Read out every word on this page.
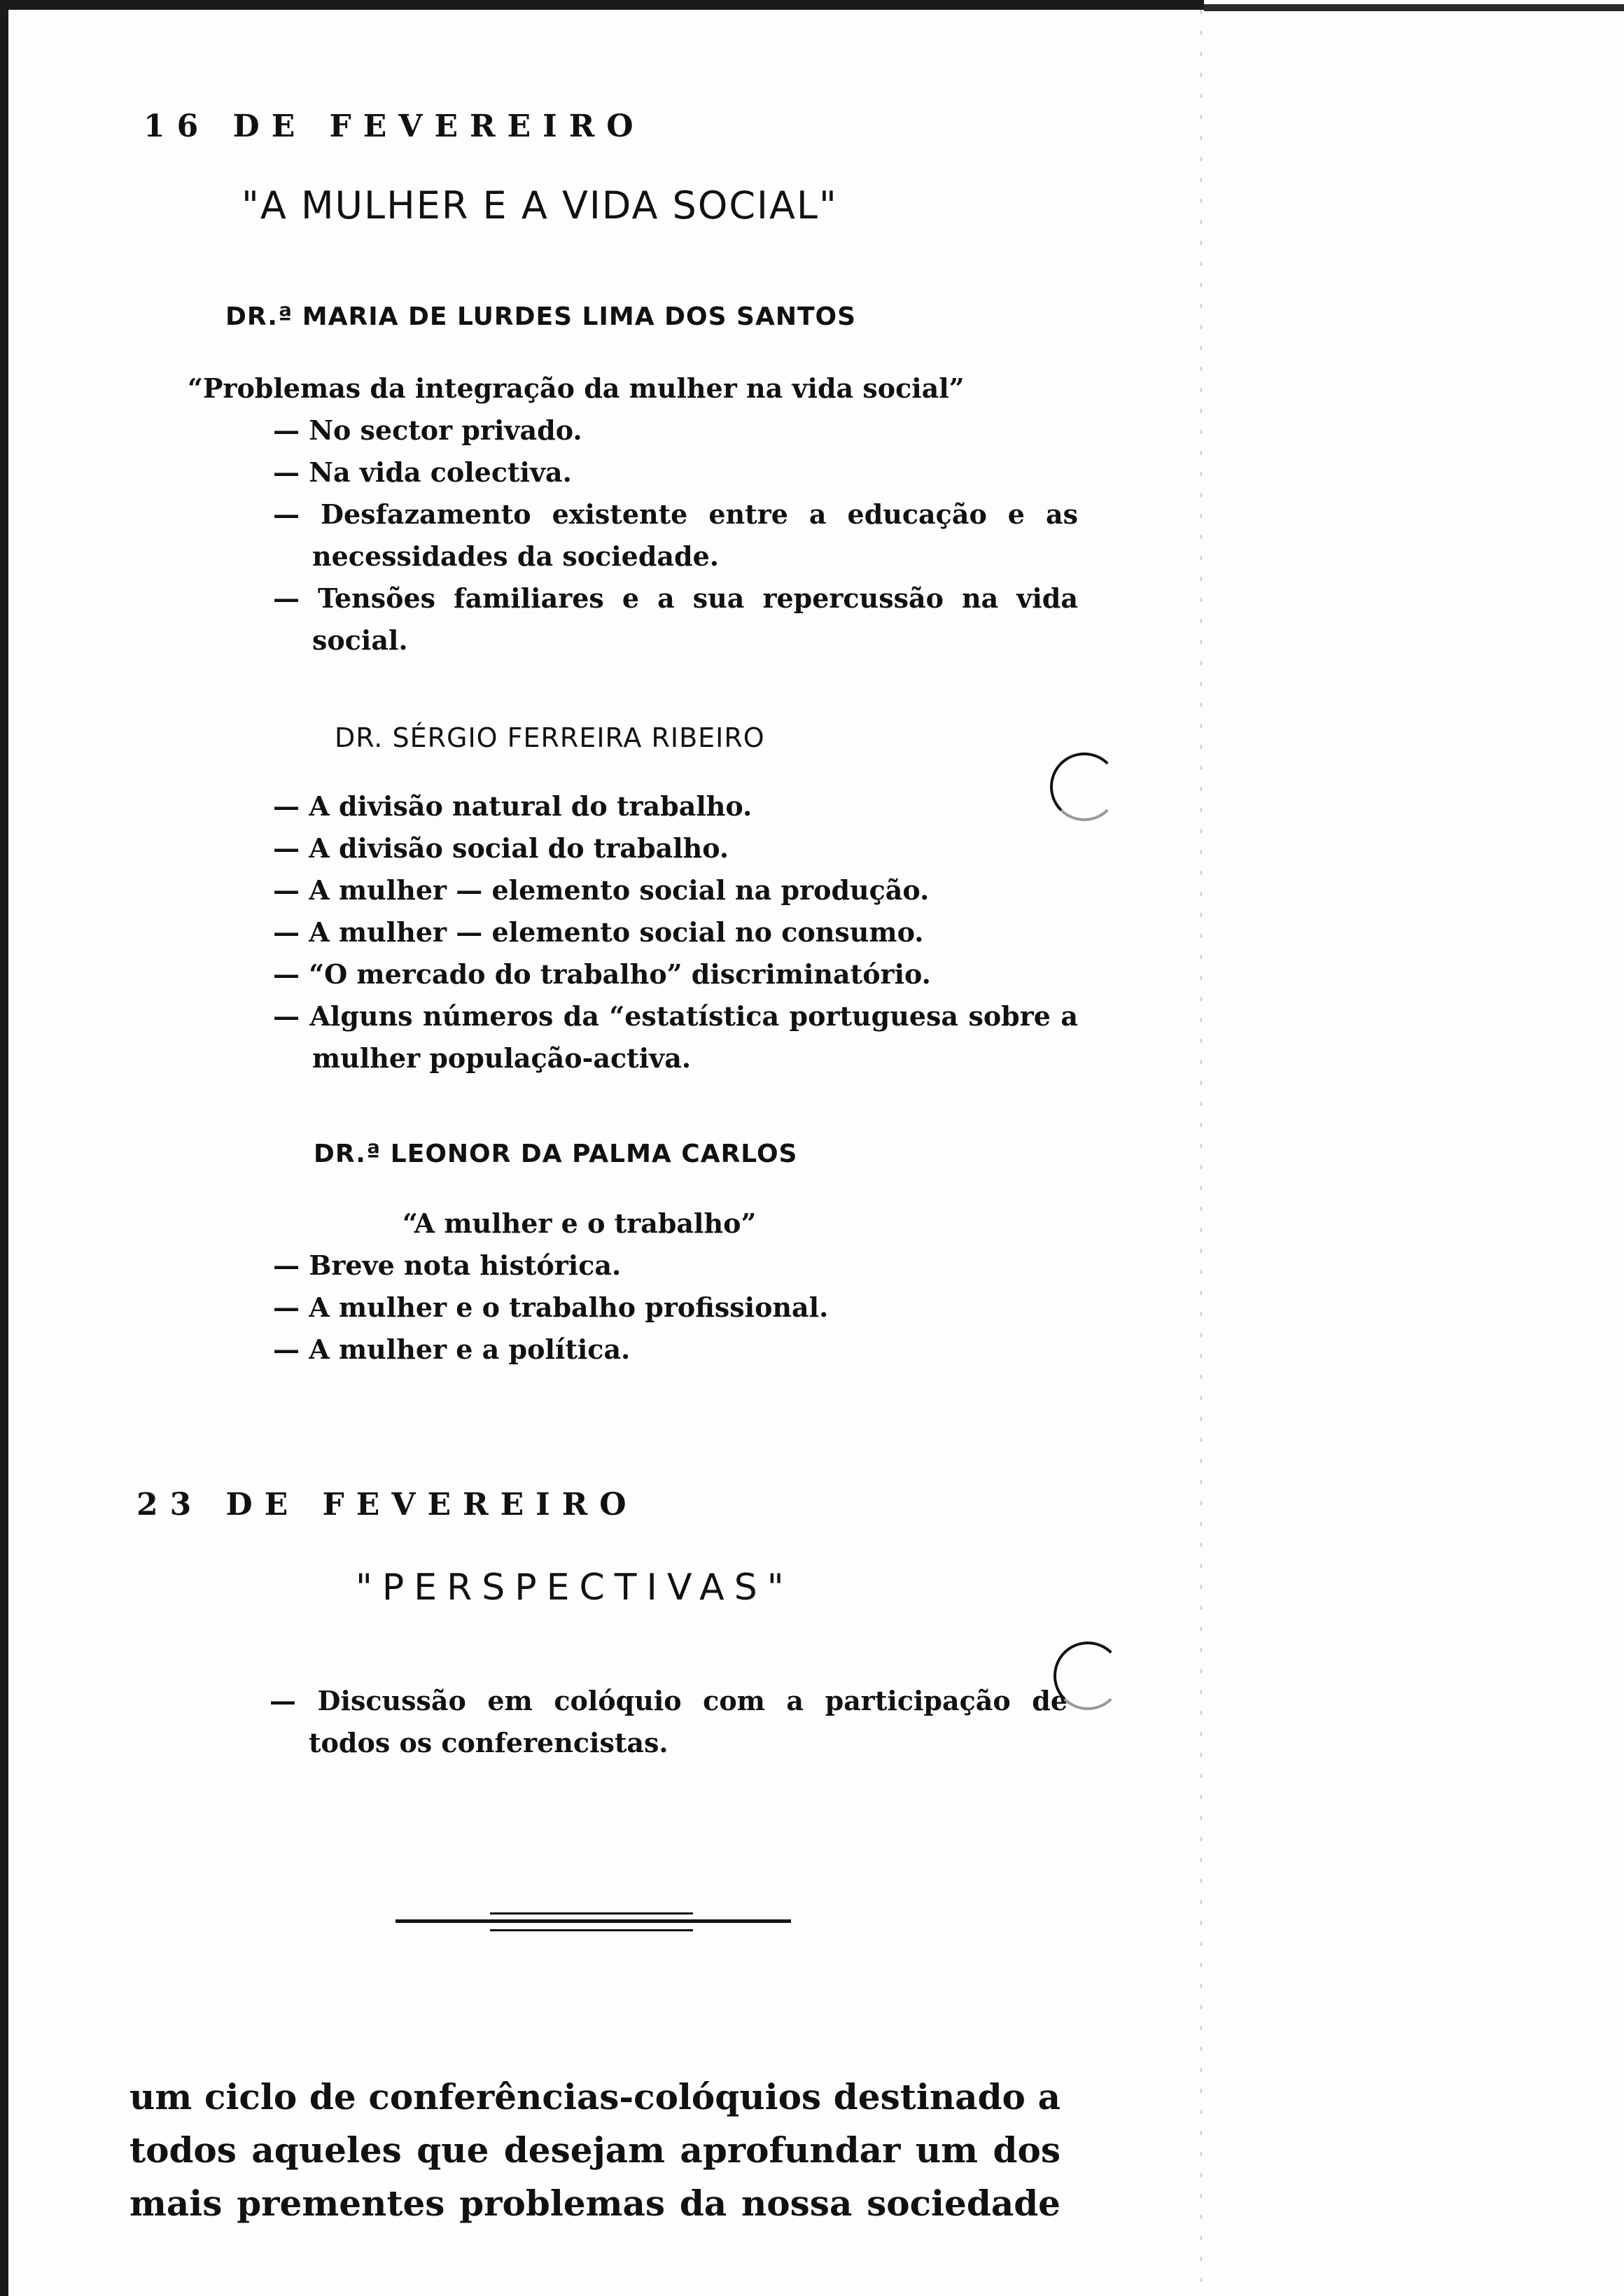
16 DE FEVEREIRO

"A MULHER E A VIDA SOCIAL"

DR.ª MARIA DE LURDES LIMA DOS SANTOS

“Problemas da integração da mulher na vida social”

— No sector privado.

— Na vida colectiva.

— Desfazamento existente entre a educação e as necessidades da sociedade.

— Tensões familiares e a sua repercussão na vida social.

DR. SÉRGIO FERREIRA RIBEIRO

— A divisão natural do trabalho.

— A divisão social do trabalho.

— A mulher — elemento social na produção.

— A mulher — elemento social no consumo.

— “O mercado do trabalho” discriminatório.

— Alguns números da “estatística portuguesa sobre a mulher população-activa.

DR.ª LEONOR DA PALMA CARLOS

“A mulher e o trabalho”

— Breve nota histórica.

— A mulher e o trabalho profissional.

— A mulher e a política.

23 DE FEVEREIRO

"PERSPECTIVAS"

— Discussão em colóquio com a participação de todos os conferencistas.

um ciclo de conferências-colóquios destinado a
todos aqueles que desejam aprofundar um dos
mais prementes problemas da nossa sociedade
